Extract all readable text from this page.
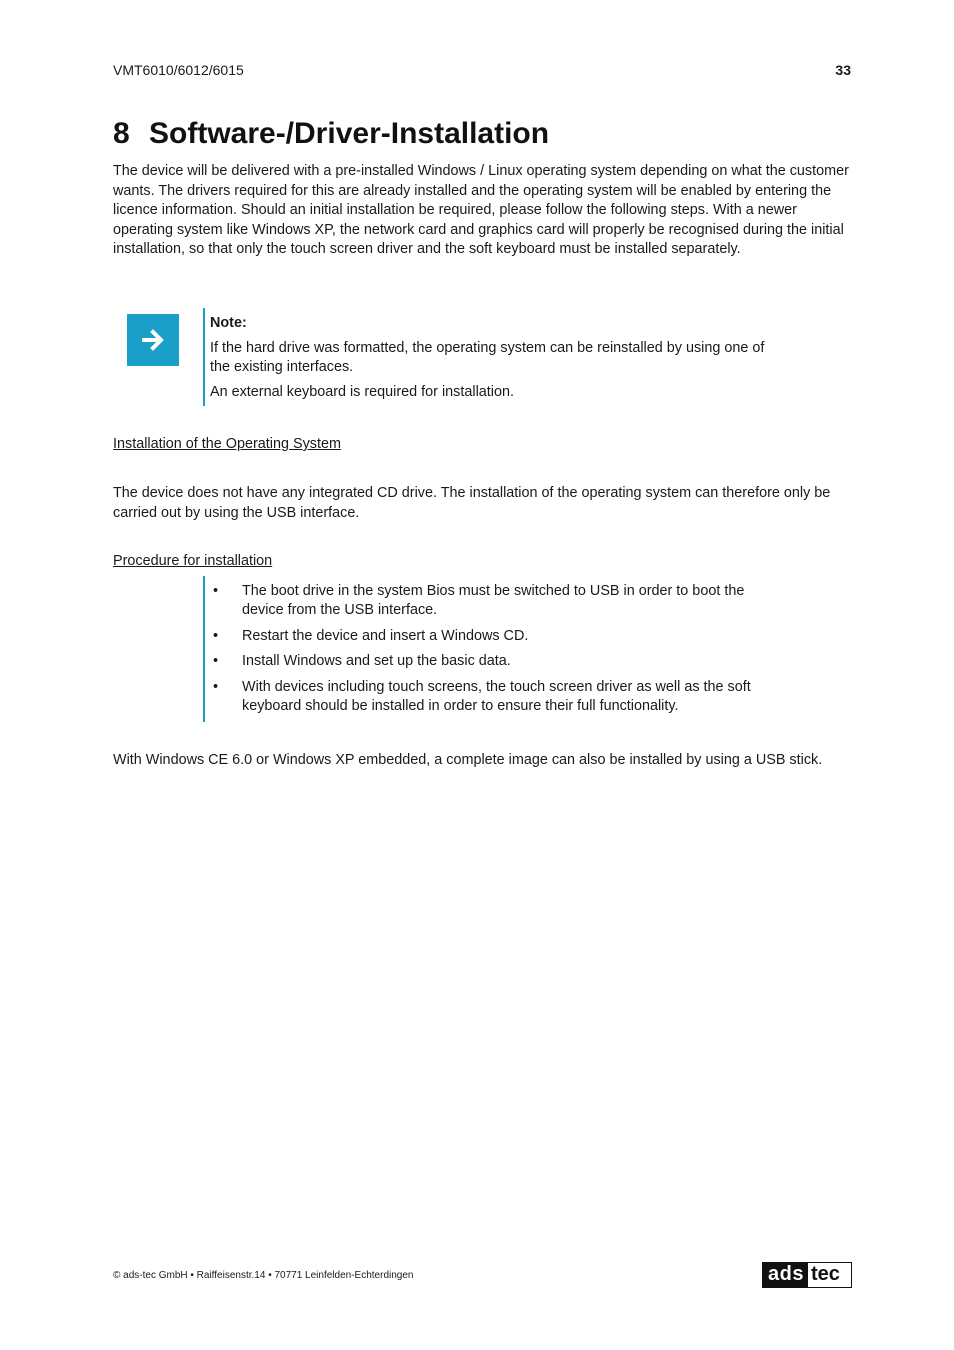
VMT6010/6012/6015	33
8 Software-/Driver-Installation

The device will be delivered with a pre-installed Windows / Linux operating system depending on what the customer wants. The drivers required for this are already installed and the operating system will be enabled by entering the licence information. Should an initial installation be required, please follow the following steps. With a newer operating system like Windows XP, the network card and graphics card will properly be recognised during the initial installation, so that only the touch screen driver and the soft keyboard must be installed separately.

Note:

If the hard drive was formatted, the operating system can be reinstalled by using one of the existing interfaces.

An external keyboard is required for installation.

Installation of the Operating System

The device does not have any integrated CD drive. The installation of the operating system can therefore only be carried out by using the USB interface.

Procedure for installation
• The boot drive in the system Bios must be switched to USB in order to boot the device from the USB interface.
• Restart the device and insert a Windows CD.
• Install Windows and set up the basic data.
• With devices including touch screens, the touch screen driver as well as the soft keyboard should be installed in order to ensure their full functionality.

With Windows CE 6.0 or Windows XP embedded, a complete image can also be installed by using a USB stick.

© ads-tec GmbH • Raiffeisenstr.14 • 70771 Leinfelden-Echterdingen	ads tec
